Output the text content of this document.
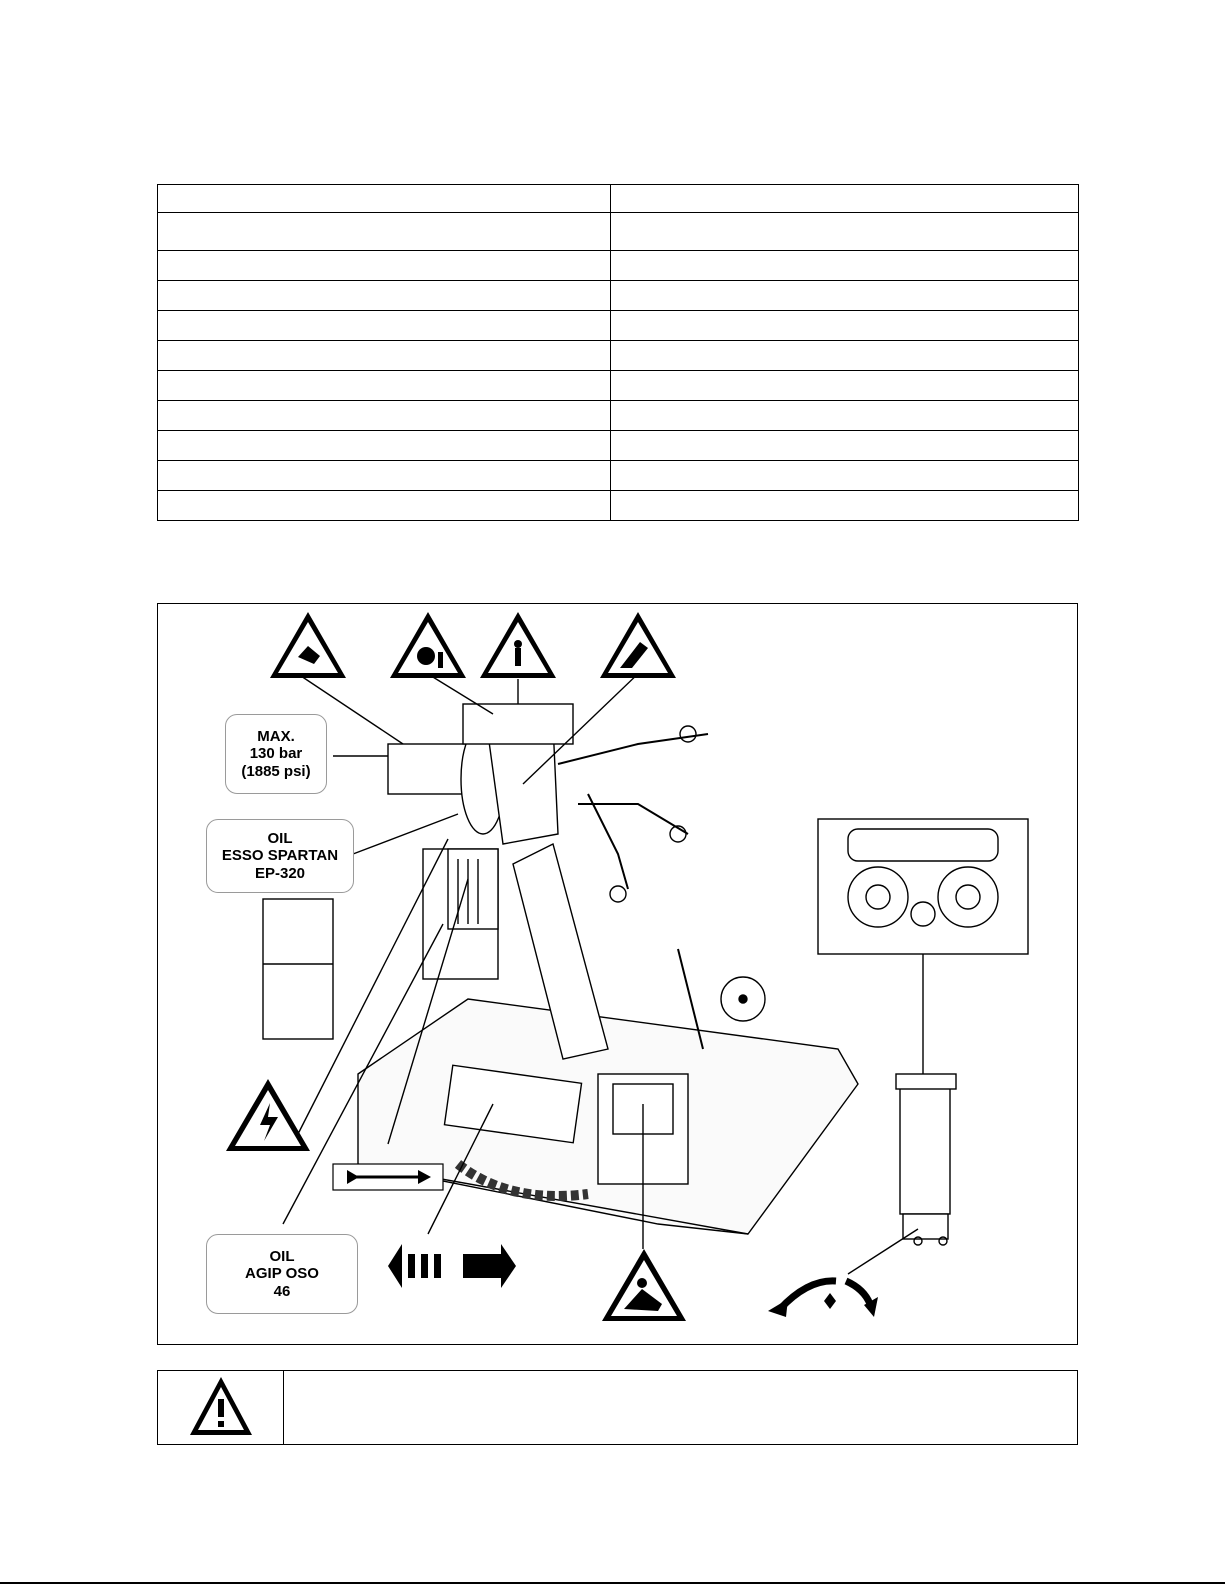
MAX.
130 bar
(1885 psi)
OIL
ESSO SPARTAN
EP-320
OIL
AGIP OSO
46
